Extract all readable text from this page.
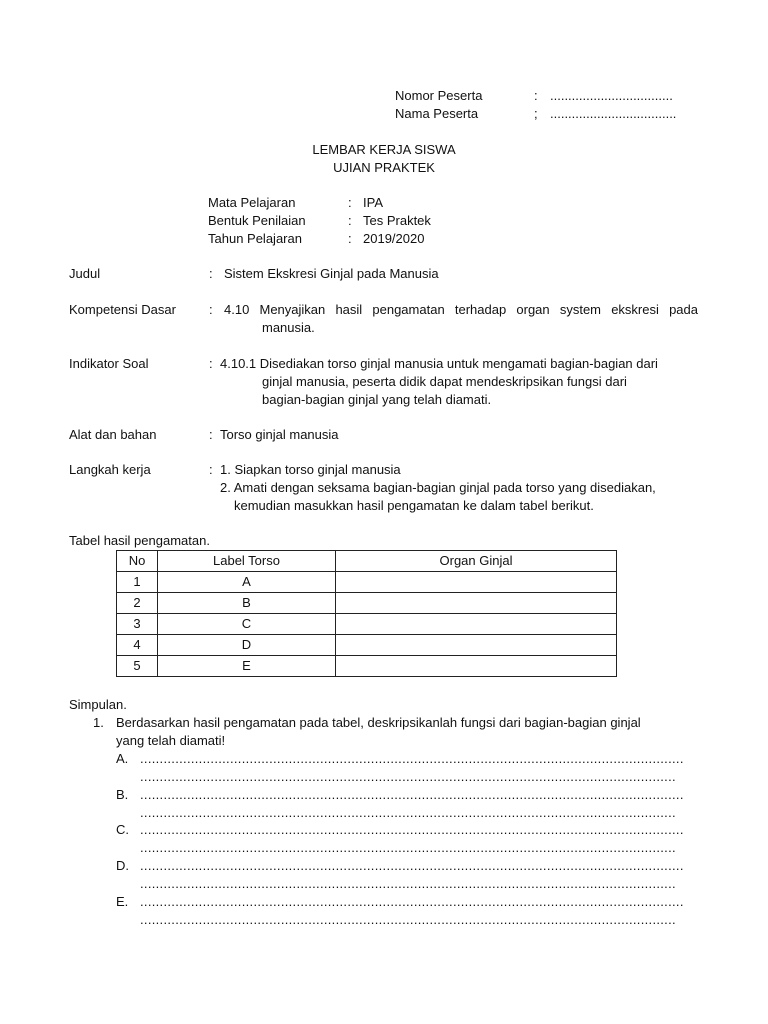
Nomor Peserta	: ..................................
Nama Peserta	; ...................................
LEMBAR KERJA SISWA
UJIAN PRAKTEK
Mata Pelajaran	: IPA
Bentuk Penilaian	: Tes Praktek
Tahun Pelajaran	: 2019/2020
Judul	: Sistem Ekskresi Ginjal pada Manusia
Kompetensi Dasar	: 4.10 Menyajikan hasil pengamatan terhadap organ system ekskresi pada manusia.
Indikator Soal	: 4.10.1 Disediakan torso ginjal manusia untuk mengamati bagian-bagian dari
ginjal manusia, peserta didik dapat mendeskripsikan fungsi dari
bagian-bagian ginjal yang telah diamati.
Alat dan bahan	: Torso ginjal manusia
Langkah kerja	: 1. Siapkan torso ginjal manusia
2. Amati dengan seksama bagian-bagian ginjal pada torso yang disediakan,
kemudian masukkan hasil pengamatan ke dalam tabel berikut.
Tabel hasil pengamatan.
No	Label Torso	Organ Ginjal
1	A	
2	B	
3	C	
4	D	
5	E	
Simpulan.
1. Berdasarkan hasil pengamatan pada tabel, deskripsikanlah fungsi dari bagian-bagian ginjal
yang telah diamati!
A. ...........................................................................................................................................
.........................................................................................................................................
B. ...........................................................................................................................................
.........................................................................................................................................
C. ...........................................................................................................................................
.........................................................................................................................................
D. ...........................................................................................................................................
.........................................................................................................................................
E. ...........................................................................................................................................
.........................................................................................................................................
